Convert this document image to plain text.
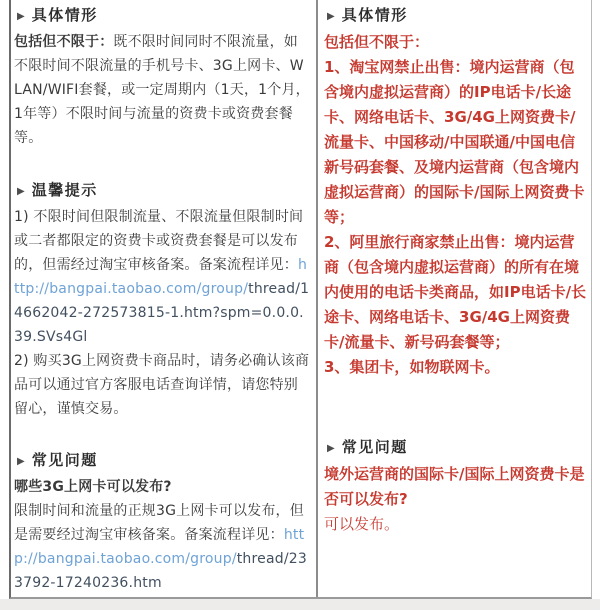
▶ 具体情形

包括但不限于：既不限时间同时不限流量，如不限时间不限流量的手机号卡、3G上网卡、WLAN/WIFI套餐，或一定周期内（1天，1个月，1年等）不限时间与流量的资费卡或资费套餐等。

▶ 温馨提示

1) 不限时间但限制流量、不限流量但限制时间或二者都限定的资费卡或资费套餐是可以发布的，但需经过淘宝审核备案。备案流程详见：http://bangpai.taobao.com/group/thread/14662042-272573815-1.htm?spm=0.0.0.39.SVs4Gl

2) 购买3G上网资费卡商品时，请务必确认该商品可以通过官方客服电话查询详情，请您特别留心，谨慎交易。

▶ 常见问题

哪些3G上网卡可以发布?

限制时间和流量的正规3G上网卡可以发布，但是需要经过淘宝审核备案。备案流程详见：http://bangpai.taobao.com/group/thread/233792-17240236.htm

▶ 具体情形

包括但不限于：

1、淘宝网禁止出售：境内运营商（包含境内虚拟运营商）的IP电话卡/长途卡、网络电话卡、3G/4G上网资费卡/流量卡、中国移动/中国联通/中国电信新号码套餐、及境内运营商（包含境内虚拟运营商）的国际卡/国际上网资费卡等；

2、阿里旅行商家禁止出售：境内运营商（包含境内虚拟运营商）的所有在境内使用的电话卡类商品，如IP电话卡/长途卡、网络电话卡、3G/4G上网资费卡/流量卡、新号码套餐等；

3、集团卡，如物联网卡。

▶ 常见问题

境外运营商的国际卡/国际上网资费卡是否可以发布?

可以发布。
